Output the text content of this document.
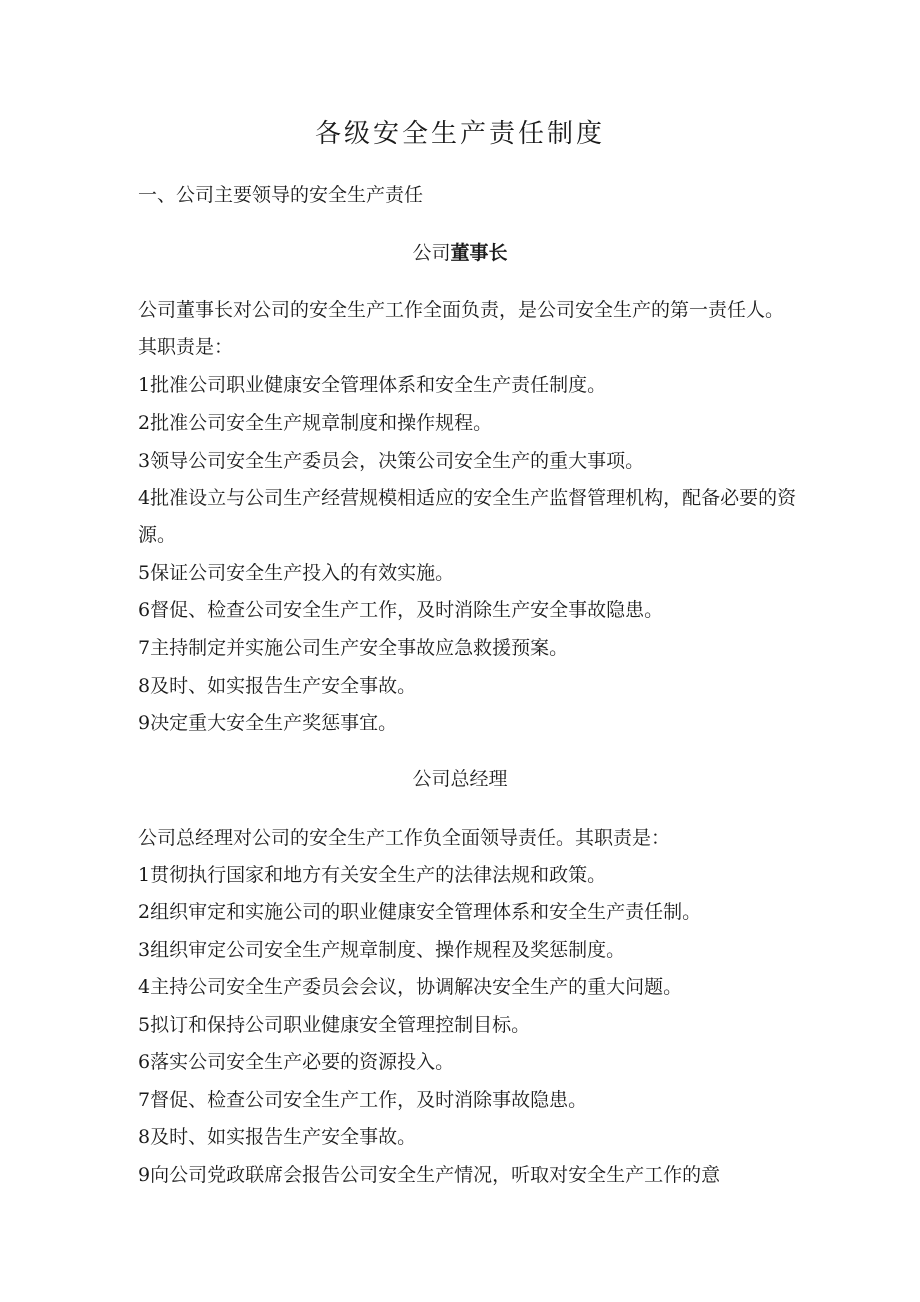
各级安全生产责任制度
一、公司主要领导的安全生产责任
公司董事长

公司董事长对公司的安全生产工作全面负责，是公司安全生产的第一责任人。其职责是：

1批准公司职业健康安全管理体系和安全生产责任制度。

2批准公司安全生产规章制度和操作规程。

3领导公司安全生产委员会，决策公司安全生产的重大事项。

4批准设立与公司生产经营规模相适应的安全生产监督管理机构，配备必要的资源。

5保证公司安全生产投入的有效实施。

6督促、检查公司安全生产工作，及时消除生产安全事故隐患。

7主持制定并实施公司生产安全事故应急救援预案。

8及时、如实报告生产安全事故。

9决定重大安全生产奖惩事宜。

公司总经理

公司总经理对公司的安全生产工作负全面领导责任。其职责是：

1贯彻执行国家和地方有关安全生产的法律法规和政策。

2组织审定和实施公司的职业健康安全管理体系和安全生产责任制。

3组织审定公司安全生产规章制度、操作规程及奖惩制度。

4主持公司安全生产委员会会议，协调解决安全生产的重大问题。

5拟订和保持公司职业健康安全管理控制目标。

6落实公司安全生产必要的资源投入。

7督促、检查公司安全生产工作，及时消除事故隐患。

8及时、如实报告生产安全事故。

9向公司党政联席会报告公司安全生产情况，听取对安全生产工作的意
